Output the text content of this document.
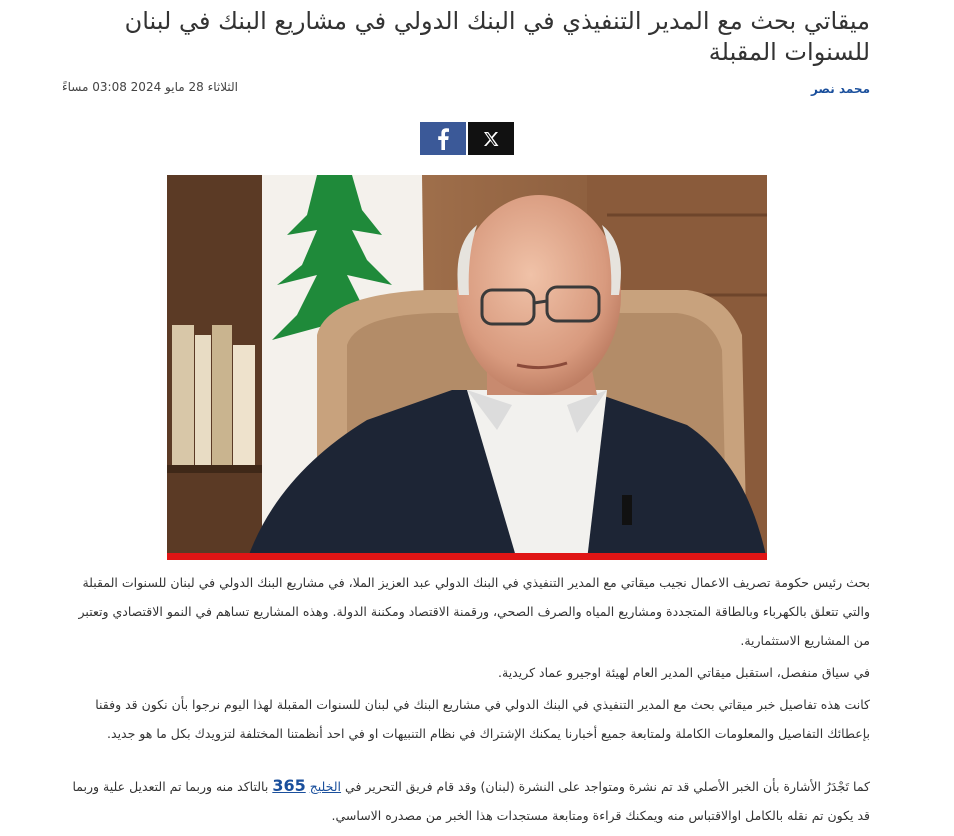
ميقاتي بحث مع المدير التنفيذي في البنك الدولي في مشاريع البنك في لبنان للسنوات المقبلة
محمد نصر
الثلاثاء 28 مايو 2024 03:08 مساءً

بحث رئيس حكومة تصريف الاعمال نجيب ميقاتي مع المدير التنفيذي في البنك الدولي عبد العزيز الملا، في مشاريع البنك الدولي في لبنان للسنوات المقبلة والتي تتعلق بالكهرباء وبالطاقة المتجددة ومشاريع المياه والصرف الصحي، ورقمنة الاقتصاد ومكننة الدولة. وهذه المشاريع تساهم في النمو الاقتصادي وتعتبر من المشاريع الاستثمارية.

في سياق منفصل، استقبل ميقاتي المدير العام لهيئة اوجيرو عماد كريدية.

كانت هذه تفاصيل خبر ميقاتي بحث مع المدير التنفيذي في البنك الدولي في مشاريع البنك في لبنان للسنوات المقبلة لهذا اليوم نرجوا بأن نكون قد وفقنا بإعطائك التفاصيل والمعلومات الكاملة ولمتابعة جميع أخبارنا يمكنك الإشتراك في نظام التنبيهات او في احد أنظمتنا المختلفة لتزويدك بكل ما هو جديد.

كما تَجْدَرُ الأشارة بأن الخبر الأصلي قد تم نشرة ومتواجد على النشرة (لبنان) وقد قام فريق التحرير في الخليج 365 بالتاكد منه وربما تم التعديل علية وربما قد يكون تم نقله بالكامل اوالاقتباس منه ويمكنك قراءة ومتابعة مستجدات هذا الخبر من مصدره الاساسي.
